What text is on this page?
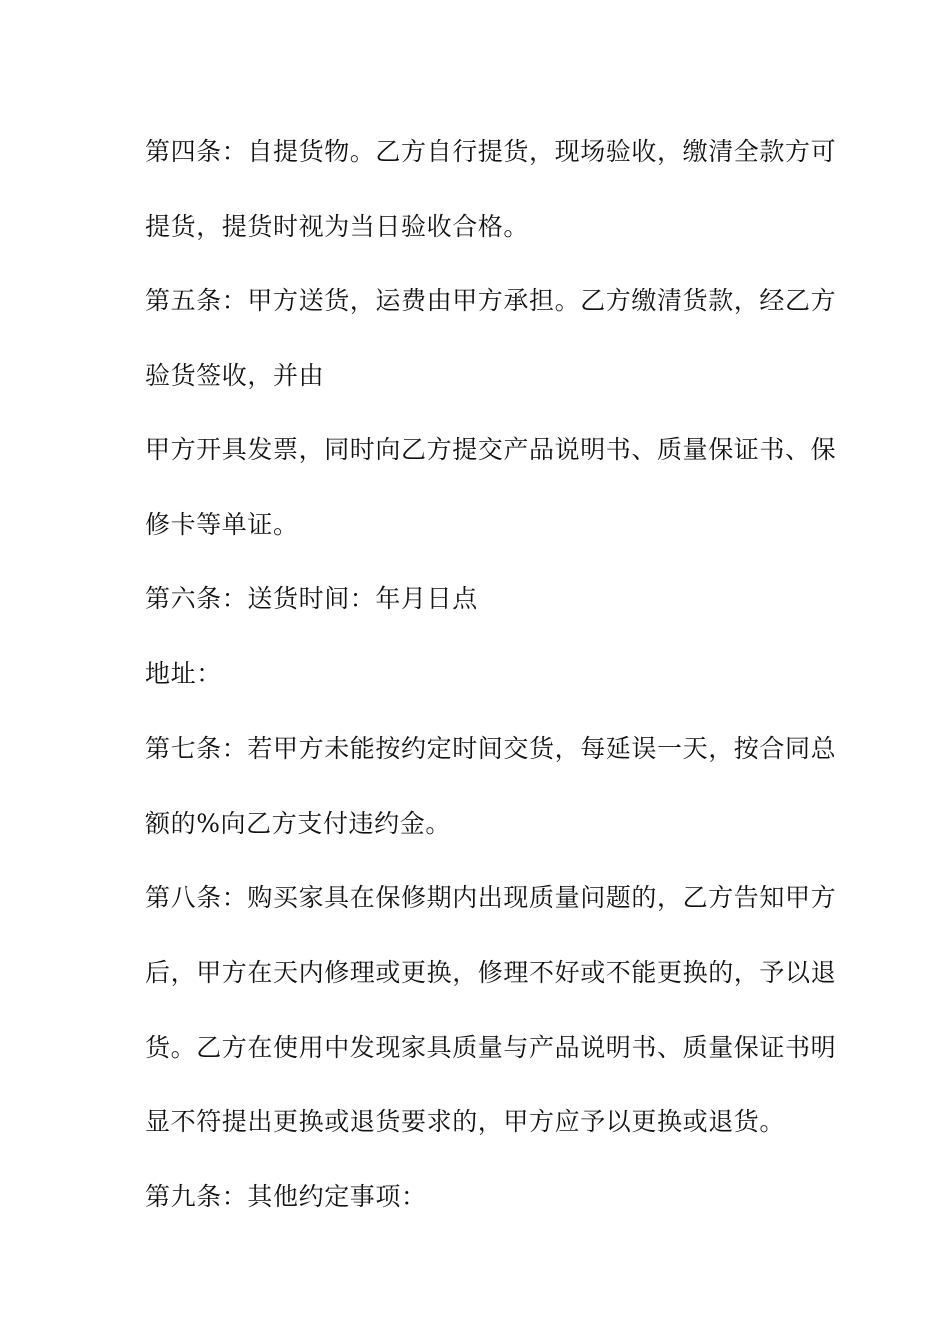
第四条：自提货物。乙方自行提货，现场验收，缴清全款方可

提货，提货时视为当日验收合格。

第五条：甲方送货，运费由甲方承担。乙方缴清货款，经乙方

验货签收，并由

甲方开具发票，同时向乙方提交产品说明书、质量保证书、保

修卡等单证。

第六条：送货时间：年月日点

地址：

第七条：若甲方未能按约定时间交货，每延误一天，按合同总

额的%向乙方支付违约金。

第八条：购买家具在保修期内出现质量问题的，乙方告知甲方

后，甲方在天内修理或更换，修理不好或不能更换的，予以退

货。乙方在使用中发现家具质量与产品说明书、质量保证书明

显不符提出更换或退货要求的，甲方应予以更换或退货。

第九条：其他约定事项：
